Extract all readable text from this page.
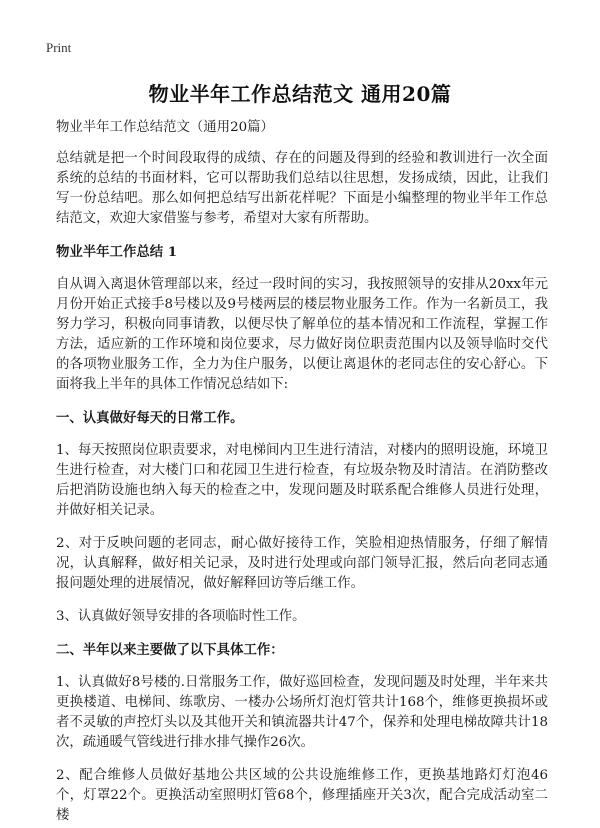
Print
物业半年工作总结范文 通用20篇

物业半年工作总结范文（通用20篇）

总结就是把一个时间段取得的成绩、存在的问题及得到的经验和教训进行一次全面系统的总结的书面材料，它可以帮助我们总结以往思想，发扬成绩，因此，让我们写一份总结吧。那么如何把总结写出新花样呢？下面是小编整理的物业半年工作总结范文，欢迎大家借鉴与参考，希望对大家有所帮助。

物业半年工作总结 1

自从调入离退休管理部以来，经过一段时间的实习，我按照领导的安排从20xx年元月份开始正式接手8号楼以及9号楼两层的楼层物业服务工作。作为一名新员工，我努力学习，积极向同事请教，以便尽快了解单位的基本情况和工作流程，掌握工作方法，适应新的工作环境和岗位要求，尽力做好岗位职责范围内以及领导临时交代的各项物业服务工作，全力为住户服务，以便让离退休的老同志住的安心舒心。下面将我上半年的具体工作情况总结如下:

一、认真做好每天的日常工作。

1、每天按照岗位职责要求，对电梯间内卫生进行清洁，对楼内的照明设施，环境卫生进行检查，对大楼门口和花园卫生进行检查，有垃圾杂物及时清洁。在消防整改后把消防设施也纳入每天的检查之中，发现问题及时联系配合维修人员进行处理，并做好相关记录。

2、对于反映问题的老同志，耐心做好接待工作，笑脸相迎热情服务，仔细了解情况，认真解释，做好相关记录，及时进行处理或向部门领导汇报，然后向老同志通报问题处理的进展情况，做好解释回访等后继工作。

3、认真做好领导安排的各项临时性工作。

二、半年以来主要做了以下具体工作：

1、认真做好8号楼的.日常服务工作，做好巡回检查，发现问题及时处理，半年来共更换楼道、电梯间、练歌房、一楼办公场所灯泡灯管共计168个，维修更换损坏或者不灵敏的声控灯头以及其他开关和镇流器共计47个，保养和处理电梯故障共计18次，疏通暖气管线进行排水排气操作26次。

2、配合维修人员做好基地公共区域的公共设施维修工作，更换基地路灯灯泡46个，灯罩22个。更换活动室照明灯管68个，修理插座开关3次，配合完成活动室二楼
